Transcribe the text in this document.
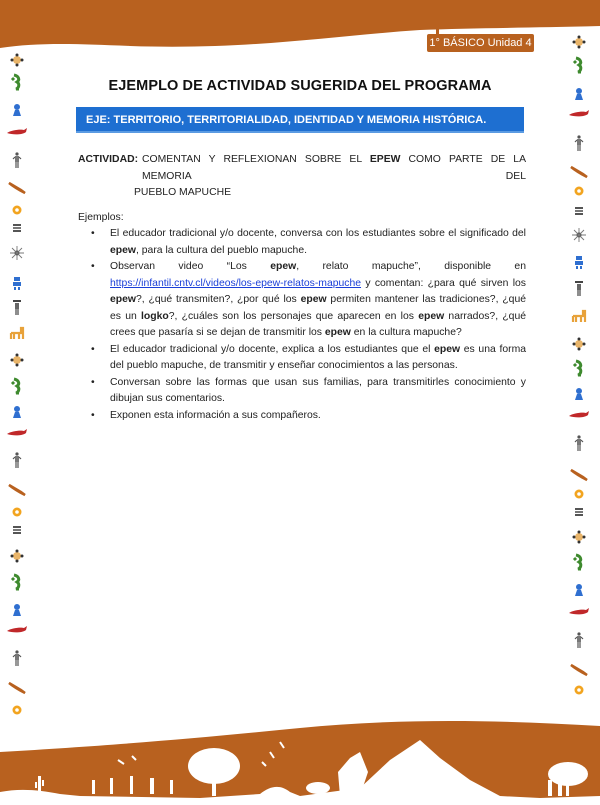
1° BÁSICO Unidad 4
EJEMPLO DE ACTIVIDAD SUGERIDA DEL PROGRAMA
EJE: TERRITORIO, TERRITORIALIDAD, IDENTIDAD Y MEMORIA HISTÓRICA.
ACTIVIDAD: COMENTAN Y REFLEXIONAN SOBRE EL EPEW COMO PARTE DE LA MEMORIA DEL
PUEBLO MAPUCHE
Ejemplos:
• El educador tradicional y/o docente, conversa con los estudiantes sobre el significado del epew, para la cultura del pueblo mapuche.
• Observan video “Los epew, relato mapuche”, disponible en
https://infantil.cntv.cl/videos/los-epew-relatos-mapuche y comentan: ¿para qué sirven los epew?, ¿qué transmiten?, ¿por qué los epew permiten mantener las tradiciones?, ¿qué es un logko?, ¿cuáles son los personajes que aparecen en los epew narrados?, ¿qué crees que pasaría si se dejan de transmitir los epew en la cultura mapuche?
• El educador tradicional y/o docente, explica a los estudiantes que el epew es una forma del pueblo mapuche, de transmitir y enseñar conocimientos a las personas.
• Conversan sobre las formas que usan sus familias, para transmitirles conocimiento y dibujan sus comentarios.
• Exponen esta información a sus compañeros.
